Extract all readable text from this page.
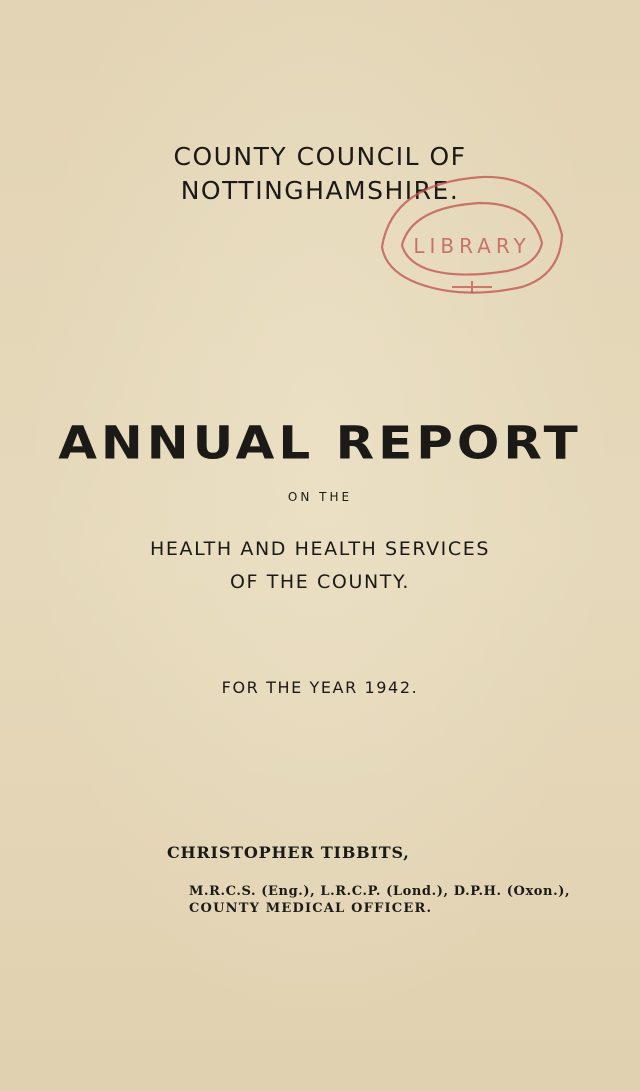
COUNTY COUNCIL OF
NOTTINGHAMSHIRE.
LIBRARY
ANNUAL REPORT
ON THE
HEALTH AND HEALTH SERVICES
OF THE COUNTY.
FOR THE YEAR 1942.
CHRISTOPHER TIBBITS,
M.R.C.S. (Eng.), L.R.C.P. (Lond.), D.P.H. (Oxon.),
COUNTY MEDICAL OFFICER.
